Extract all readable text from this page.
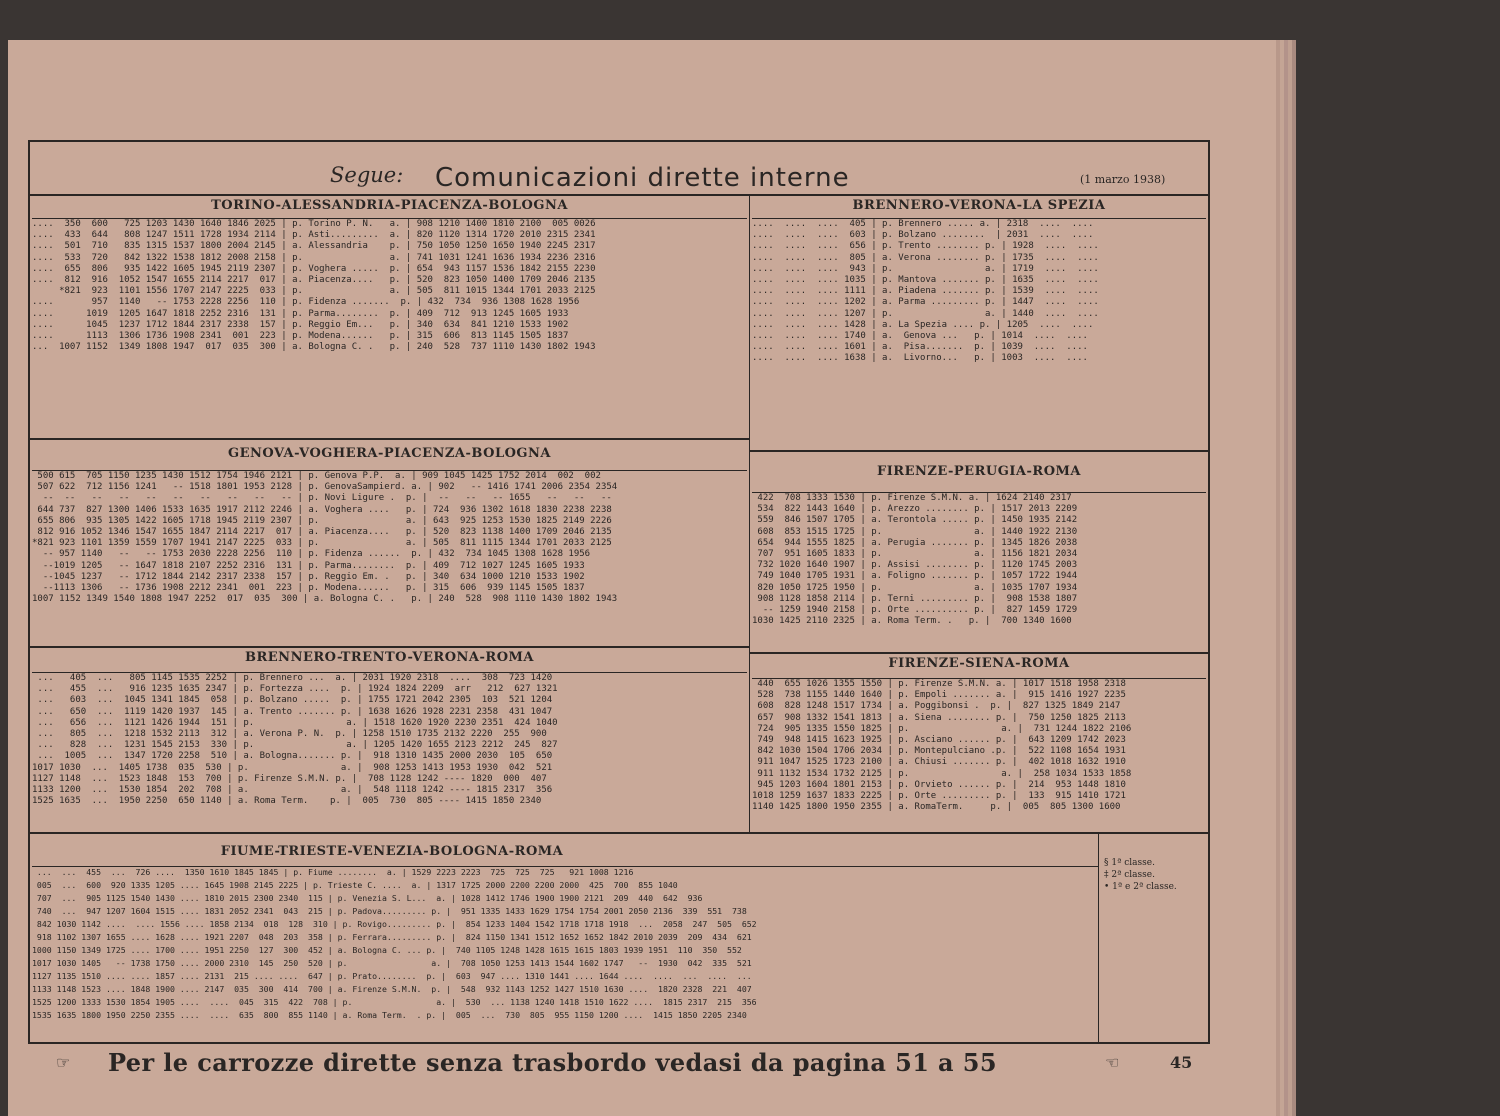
Segue: Comunicazioni dirette interne	(1 marzo 1938)
TORINO-ALESSANDRIA-PIACENZA-BOLOGNA
....  350  600   725 1203 1430 1640 1846 2025 | p. Torino P. N.   a. | 908 1210 1400 1810 2100  005 0026
....  433  644   808 1247 1511 1728 1934 2114 | p. Asti.........  a. | 820 1120 1314 1720 2010 2315 2341
....  501  710   835 1315 1537 1800 2004 2145 | a. Alessandria    p. | 750 1050 1250 1650 1940 2245 2317
....  533  720   842 1322 1538 1812 2008 2158 | p.                a. | 741 1031 1241 1636 1934 2236 2316
....  655  806   935 1422 1605 1945 2119 2307 | p. Voghera .....  p. | 654  943 1157 1536 1842 2155 2230
....  812  916  1052 1547 1655 2114 2217  017 | a. Piacenza....   p. | 520  823 1050 1400 1709 2046 2135
*821  923  1101 1556 1707 2147 2225  033 | p.                a. | 505  811 1015 1344 1701 2033 2125
....       957  1140   -- 1753 2228 2256  110 | p. Fidenza .......  p. | 432  734  936 1308 1628 1956
....      1019  1205 1647 1818 2252 2316  131 | p. Parma........  p. | 409  712  913 1245 1605 1933
....      1045  1237 1712 1844 2317 2338  157 | p. Reggio Em...   p. | 340  634  841 1210 1533 1902
....      1113  1306 1736 1908 2341  001  223 | p. Modena......   p. | 315  606  813 1145 1505 1837
...  1007 1152  1349 1808 1947  017  035  300 | a. Bologna C. .   p. | 240  528  737 1110 1430 1802 1943
BRENNERO-VERONA-LA SPEZIA
....  ....  ....  405 | p. Brennero ..... a. | 2318  ....  ....
....  ....  ....  603 | p. Bolzano ........  | 2031  ....  ....
....  ....  ....  656 | p. Trento ........ p. | 1928  ....  ....
....  ....  ....  805 | a. Verona ........ p. | 1735  ....  ....
....  ....  ....  943 | p.                 a. | 1719  ....  ....
....  ....  .... 1035 | p. Mantova ....... p. | 1635  ....  ....
....  ....  .... 1111 | a. Piadena ....... p. | 1539  ....  ....
....  ....  .... 1202 | a. Parma ......... p. | 1447  ....  ....
....  ....  .... 1207 | p.                 a. | 1440  ....  ....
....  ....  .... 1428 | a. La Spezia .... p. | 1205  ....  ....
....  ....  .... 1740 | a.  Genova ...   p. | 1014  ....  ....
....  ....  .... 1601 | a.  Pisa.......  p. | 1039  ....  ....
....  ....  .... 1638 | a.  Livorno...   p. | 1003  ....  ....
GENOVA-VOGHERA-PIACENZA-BOLOGNA
500 615  705 1150 1235 1430 1512 1754 1946 2121 | p. Genova P.P.  a. | 909 1045 1425 1752 2014  002  002
507 622  712 1156 1241   -- 1518 1801 1953 2128 | p. GenovaSampierd. a. | 902   -- 1416 1741 2006 2354 2354
--  --   --   --   --   --   --   --   --   -- | p. Novi Ligure .  p. |  --   --   -- 1655   --   --   --
644 737  827 1300 1406 1533 1635 1917 2112 2246 | a. Voghera ....   p. | 724  936 1302 1618 1830 2238 2238
655 806  935 1305 1422 1605 1718 1945 2119 2307 | p.                a. | 643  925 1253 1530 1825 2149 2226
812 916 1052 1346 1547 1655 1847 2114 2217  017 | a. Piacenza....   p. | 520  823 1138 1400 1709 2046 2135
*821 923 1101 1359 1559 1707 1941 2147 2225  033 | p.                a. | 505  811 1115 1344 1701 2033 2125
-- 957 1140   --   -- 1753 2030 2228 2256  110 | p. Fidenza ......  p. | 432  734 1045 1308 1628 1956
--1019 1205   -- 1647 1818 2107 2252 2316  131 | p. Parma........  p. | 409  712 1027 1245 1605 1933
--1045 1237   -- 1712 1844 2142 2317 2338  157 | p. Reggio Em. .   p. | 340  634 1000 1210 1533 1902
--1113 1306   -- 1736 1908 2212 2341  001  223 | p. Modena......   p. | 315  606  939 1145 1505 1837
1007 1152 1349 1540 1808 1947 2252  017  035  300 | a. Bologna C. .   p. | 240  528  908 1110 1430 1802 1943
FIRENZE-PERUGIA-ROMA
422  708 1333 1530 | p. Firenze S.M.N. a. | 1624 2140 2317
534  822 1443 1640 | p. Arezzo ........ p. | 1517 2013 2209
559  846 1507 1705 | a. Terontola ..... p. | 1450 1935 2142
608  853 1515 1725 | p.                 a. | 1440 1922 2130
654  944 1555 1825 | a. Perugia ....... p. | 1345 1826 2038
707  951 1605 1833 | p.                 a. | 1156 1821 2034
732 1020 1640 1907 | p. Assisi ........ p. | 1120 1745 2003
749 1040 1705 1931 | a. Foligno ....... p. | 1057 1722 1944
820 1050 1725 1950 | p.                 a. | 1035 1707 1934
908 1128 1858 2114 | p. Terni ......... p. |  908 1538 1807
-- 1259 1940 2158 | p. Orte .......... p. |  827 1459 1729
1030 1425 2110 2325 | a. Roma Term. .   p. |  700 1340 1600
BRENNERO-TRENTO-VERONA-ROMA
...   405  ...   805 1145 1535 2252 | p. Brennero ...  a. | 2031 1920 2318  ....  308  723 1420
...   455  ...   916 1235 1635 2347 | p. Fortezza ....  p. | 1924 1824 2209  arr   212  627 1321
...   603  ...  1045 1341 1845  058 | p. Bolzano .....  p. | 1755 1721 2042 2305  103  521 1204
...   650  ...  1119 1420 1937  145 | a. Trento ....... p. | 1638 1626 1928 2231 2358  431 1047
...   656  ...  1121 1426 1944  151 | p.                 a. | 1518 1620 1920 2230 2351  424 1040
...   805  ...  1218 1532 2113  312 | a. Verona P. N.  p. | 1258 1510 1735 2132 2220  255  900
...   828  ...  1231 1545 2153  330 | p.                 a. | 1205 1420 1655 2123 2212  245  827
...  1005  ...  1347 1720 2258  510 | a. Bologna....... p. |  918 1310 1435 2000 2030  105  650
1017 1030  ...  1405 1738  035  530 | p.                 a. |  908 1253 1413 1953 1930  042  521
1127 1148  ...  1523 1848  153  700 | p. Firenze S.M.N. p. |  708 1128 1242 ---- 1820  000  407
1133 1200  ...  1530 1854  202  708 | a.                 a. |  548 1118 1242 ---- 1815 2317  356
1525 1635  ...  1950 2250  650 1140 | a. Roma Term.    p. |  005  730  805 ---- 1415 1850 2340
FIRENZE-SIENA-ROMA
440  655 1026 1355 1550 | p. Firenze S.M.N. a. | 1017 1518 1958 2318
528  738 1155 1440 1640 | p. Empoli ....... a. |  915 1416 1927 2235
608  828 1248 1517 1734 | a. Poggibonsi .  p. |  827 1325 1849 2147
657  908 1332 1541 1813 | a. Siena ........ p. |  750 1250 1825 2113
724  905 1335 1550 1825 | p.                 a. |  731 1244 1822 2106
749  948 1415 1623 1925 | p. Asciano ...... p. |  643 1209 1742 2023
842 1030 1504 1706 2034 | p. Montepulciano .p. |  522 1108 1654 1931
911 1047 1525 1723 2100 | a. Chiusi ....... p. |  402 1018 1632 1910
911 1132 1534 1732 2125 | p.                 a. |  258 1034 1533 1858
945 1203 1604 1801 2153 | p. Orvieto ...... p. |  214  953 1448 1810
1018 1259 1637 1833 2225 | p. Orte ......... p. |  133  915 1410 1721
1140 1425 1800 1950 2355 | a. RomaTerm.     p. |  005  805 1300 1600
FIUME-TRIESTE-VENEZIA-BOLOGNA-ROMA
...  ...  455  ...  726 ....  1350 1610 1845 1845 | p. Fiume ........  a. | 1529 2223 2223  725  725  725   921 1008 1216
005  ...  600  920 1335 1205 .... 1645 1908 2145 2225 | p. Trieste C. ....  a. | 1317 1725 2000 2200 2200 2000  425  700  855 1040
707  ...  905 1125 1540 1430 .... 1810 2015 2300 2340  115 | p. Venezia S. L...  a. | 1028 1412 1746 1900 1900 2121  209  440  642  936
740  ...  947 1207 1604 1515 .... 1831 2052 2341  043  215 | p. Padova......... p. |  951 1335 1433 1629 1754 1754 2001 2050 2136  339  551  738
842 1030 1142 ....  .... 1556 .... 1858 2134  018  128  310 | p. Rovigo......... p. |  854 1233 1404 1542 1718 1718 1918  ...  2058  247  505  652
918 1102 1307 1655 .... 1628 .... 1921 2207  048  203  358 | p. Ferrara......... p. |  824 1150 1341 1512 1652 1652 1842 2010 2039  209  434  621
1000 1150 1349 1725 .... 1700 .... 1951 2250  127  300  452 | a. Bologna C. ... p. |  740 1105 1248 1428 1615 1615 1803 1939 1951  110  350  552
1017 1030 1405   -- 1738 1750 .... 2000 2310  145  250  520 | p.                 a. |  708 1050 1253 1413 1544 1602 1747   --  1930  042  335  521
1127 1135 1510 .... .... 1857 .... 2131  215 .... ....  647 | p. Prato........  p. |  603  947 .... 1310 1441 .... 1644 ....  ....  ...  ....  ...
1133 1148 1523 .... 1848 1900 .... 2147  035  300  414  700 | a. Firenze S.M.N.  p. |  548  932 1143 1252 1427 1510 1630 ....  1820 2328  221  407
1525 1200 1333 1530 1854 1905 ....  ....  045  315  422  708 | p.                 a. |  530  ... 1138 1240 1418 1510 1622 ....  1815 2317  215  356
1535 1635 1800 1950 2250 2355 ....  ....  635  800  855 1140 | a. Roma Term.  . p. |  005  ...  730  805  955 1150 1200 ....  1415 1850 2205 2340
§ 1ª classe.
‡ 2ª classe.
• 1ª e 2ª classe.
☞	Per le carrozze dirette senza trasbordo vedasi da pagina 51 a 55	☜	45
